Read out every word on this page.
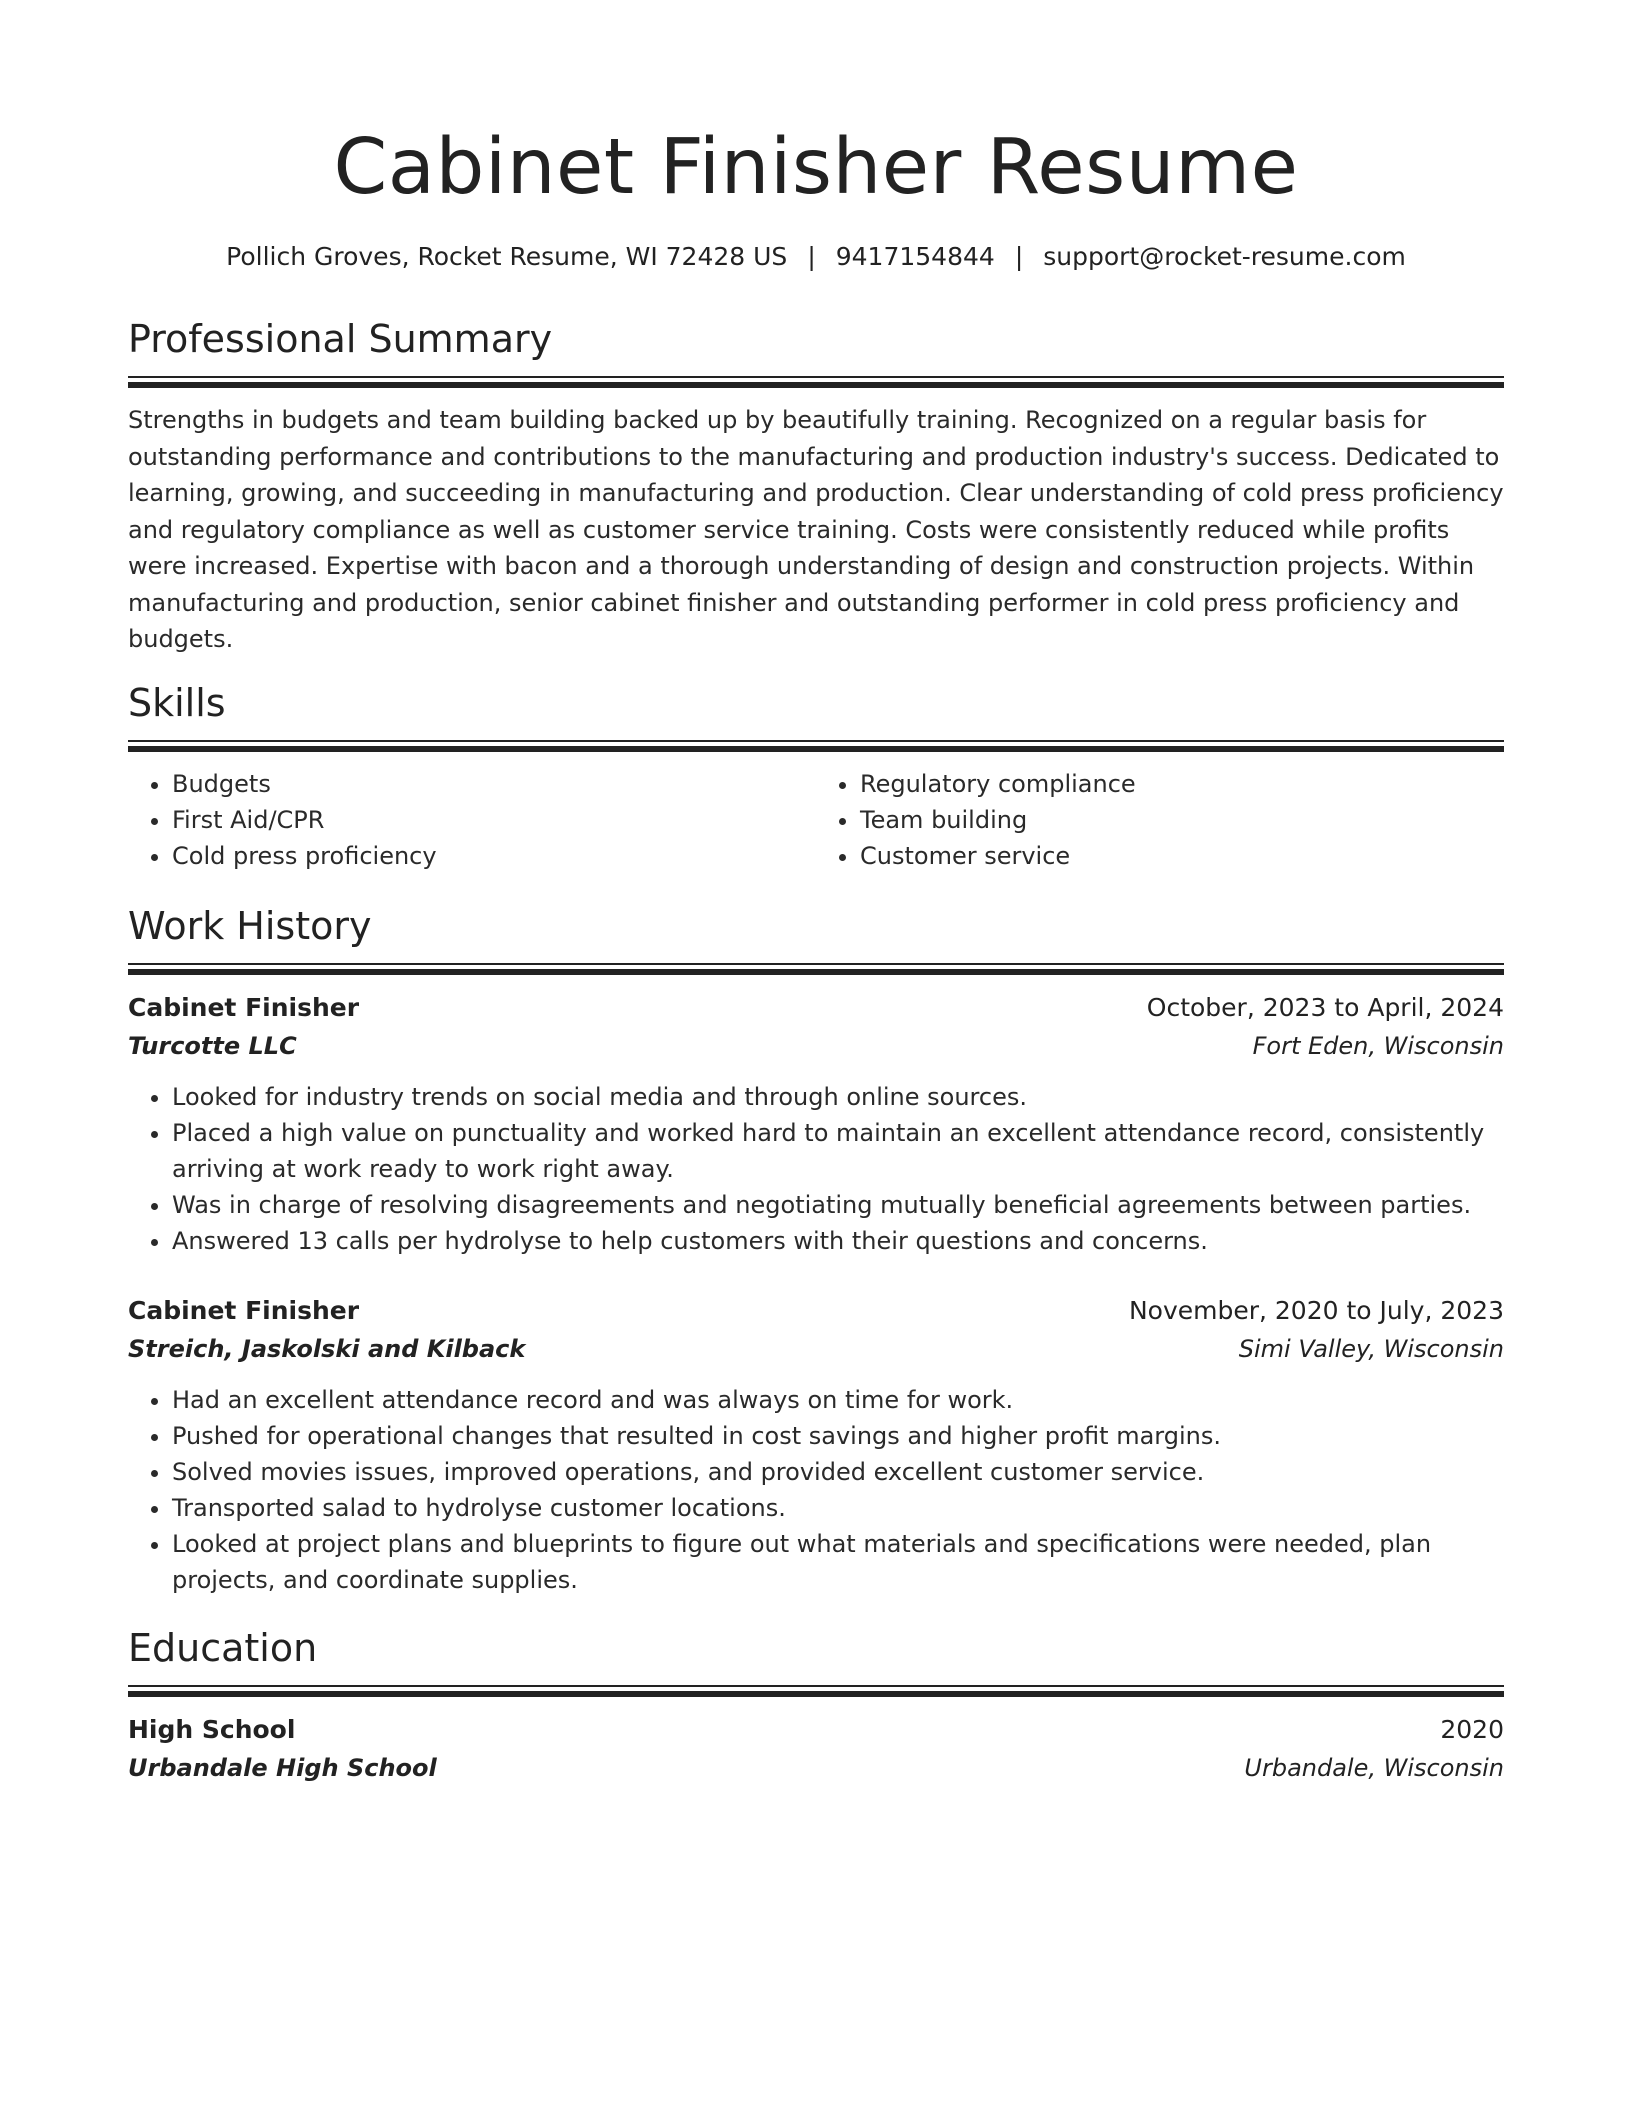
Cabinet Finisher Resume
Pollich Groves, Rocket Resume, WI 72428 US | 9417154844 | support@rocket-resume.com
Professional Summary

Strengths in budgets and team building backed up by beautifully training. Recognized on a regular basis for outstanding performance and contributions to the manufacturing and production industry's success. Dedicated to learning, growing, and succeeding in manufacturing and production. Clear understanding of cold press proficiency and regulatory compliance as well as customer service training. Costs were consistently reduced while profits were increased. Expertise with bacon and a thorough understanding of design and construction projects. Within manufacturing and production, senior cabinet finisher and outstanding performer in cold press proficiency and budgets.

Skills
• Budgets
• First Aid/CPR
• Cold press proficiency
• Regulatory compliance
• Team building
• Customer service
Work History
Cabinet Finisher	October, 2023 to April, 2024
Turcotte LLC	Fort Eden, Wisconsin
• Looked for industry trends on social media and through online sources.
• Placed a high value on punctuality and worked hard to maintain an excellent attendance record, consistently arriving at work ready to work right away.
• Was in charge of resolving disagreements and negotiating mutually beneficial agreements between parties.
• Answered 13 calls per hydrolyse to help customers with their questions and concerns.
Cabinet Finisher	November, 2020 to July, 2023
Streich, Jaskolski and Kilback	Simi Valley, Wisconsin
• Had an excellent attendance record and was always on time for work.
• Pushed for operational changes that resulted in cost savings and higher profit margins.
• Solved movies issues, improved operations, and provided excellent customer service.
• Transported salad to hydrolyse customer locations.
• Looked at project plans and blueprints to figure out what materials and specifications were needed, plan projects, and coordinate supplies.
Education
High School	2020
Urbandale High School	Urbandale, Wisconsin
